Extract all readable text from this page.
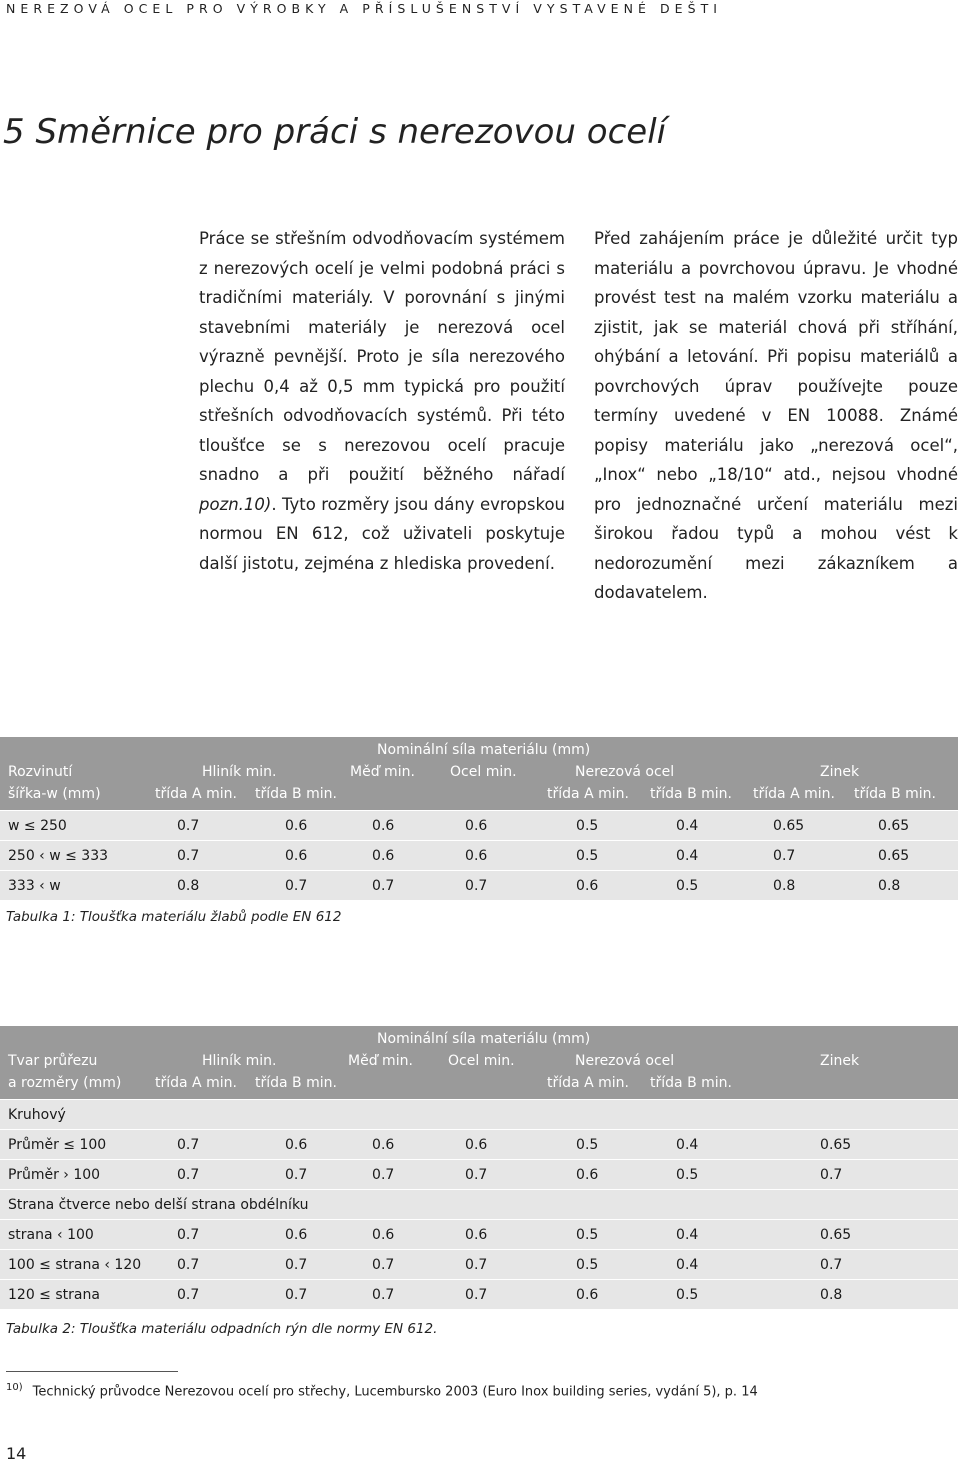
NEREZOVÁ OCEL PRO VÝROBKY A PŘÍSLUŠENSTVÍ VYSTAVENÉ DEŠTI
5 Směrnice pro práci s nerezovou ocelí

Práce se střešním odvodňovacím systémem z nerezových ocelí je velmi podobná práci s tradičními materiály. V porovnání s jinými stavebními materiály je nerezová ocel výrazně pevnější. Proto je síla nerezového plechu 0,4 až 0,5 mm typická pro použití střešních odvodňovacích systémů. Při této tloušťce se s nerezovou ocelí pracuje snadno a při použití běžného nářadí pozn.10). Tyto rozměry jsou dány evropskou normou EN 612, což uživateli poskytuje další jistotu, zejména z hlediska provedení.

Před zahájením práce je důležité určit typ materiálu a povrchovou úpravu. Je vhodné provést test na malém vzorku materiálu a zjistit, jak se materiál chová při stříhání, ohýbání a letování. Při popisu materiálů a povrchových úprav používejte pouze termíny uvedené v EN 10088. Známé popisy materiálu jako „nerezová ocel“, „Inox“ nebo „18/10“ atd., nejsou vhodné pro jednoznačné určení materiálu mezi širokou řadou typů a mohou vést k nedorozumění mezi zákazníkem a dodavatelem.

			Nominální síla materiálu (mm)					
Rozvinutí	Hliník min.		Měď min.	Ocel min.	Nerezová ocel		Zinek	
šířka-w (mm)	třída A min.	třída B min.			třída A min.	třída B min.	třída A min.	třída B min.
w ≤ 250	0.7	0.6	0.6	0.6	0.5	0.4	0.65	0.65
250 ‹ w ≤ 333	0.7	0.6	0.6	0.6	0.5	0.4	0.7	0.65
333 ‹ w	0.8	0.7	0.7	0.7	0.6	0.5	0.8	0.8
Tabulka 1: Tloušťka materiálu žlabů podle EN 612
			Nominální síla materiálu (mm)				
Tvar průřezu	Hliník min.		Měď min.	Ocel min.	Nerezová ocel		Zinek
a rozměry (mm)	třída A min.	třída B min.			třída A min.	třída B min.	
Kruhový							
Průměr ≤ 100	0.7	0.6	0.6	0.6	0.5	0.4	0.65
Průměr › 100	0.7	0.7	0.7	0.7	0.6	0.5	0.7
Strana čtverce nebo delší strana obdélníku							
strana ‹ 100	0.7	0.6	0.6	0.6	0.5	0.4	0.65
100 ≤ strana ‹ 120	0.7	0.7	0.7	0.7	0.5	0.4	0.7
120 ≤ strana	0.7	0.7	0.7	0.7	0.6	0.5	0.8
Tabulka 2: Tloušťka materiálu odpadních rýn dle normy EN 612.
$^{10)}$ Technický průvodce Nerezovou ocelí pro střechy, Lucembursko 2003 (Euro Inox building series, vydání 5), p. 14
14
